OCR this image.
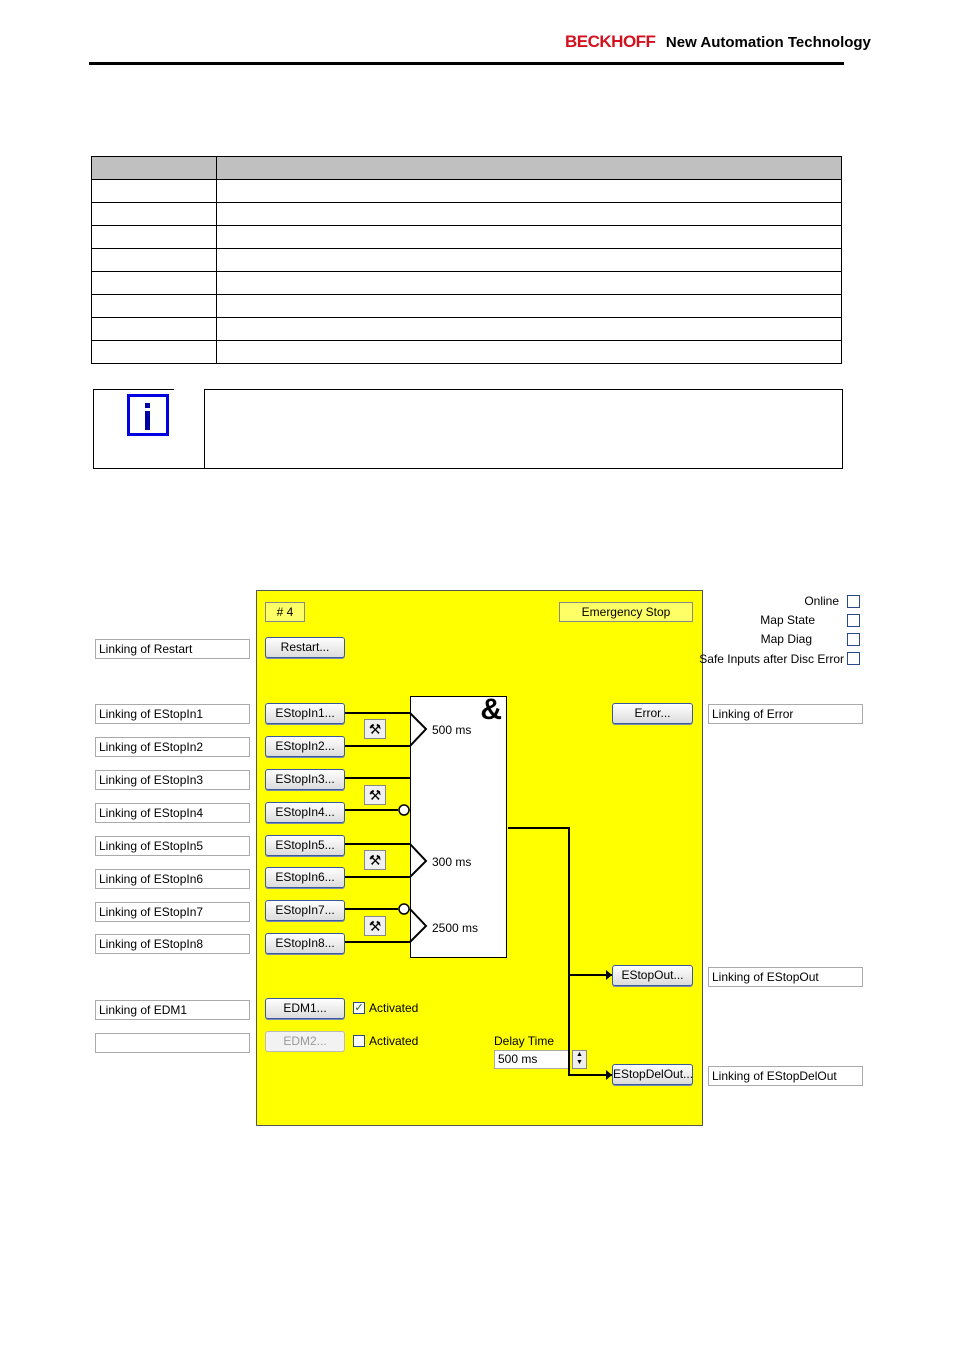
BECKHOFF New Automation Technology

# 4	Emergency Stop
Restart...
Error...
EStopIn1...
EStopIn2...
EStopIn3...
EStopIn4...
EStopIn5...
EStopIn6...
EStopIn7...
EStopIn8...
⚒
⚒
⚒
⚒
&
500 ms
300 ms
2500 ms
EStopOut...
EStopDelOut...
EDM1...
EDM2...
✓ Activated
Activated	Delay Time
500 ms	▲
▼
Linking of Restart
Linking of EStopIn1
Linking of EStopIn2
Linking of EStopIn3
Linking of EStopIn4
Linking of EStopIn5
Linking of EStopIn6
Linking of EStopIn7
Linking of EStopIn8
Linking of EDM1
Linking of Error
Linking of EStopOut
Linking of EStopDelOut
Online
Map State
Map Diag
Safe Inputs after Disc Error
